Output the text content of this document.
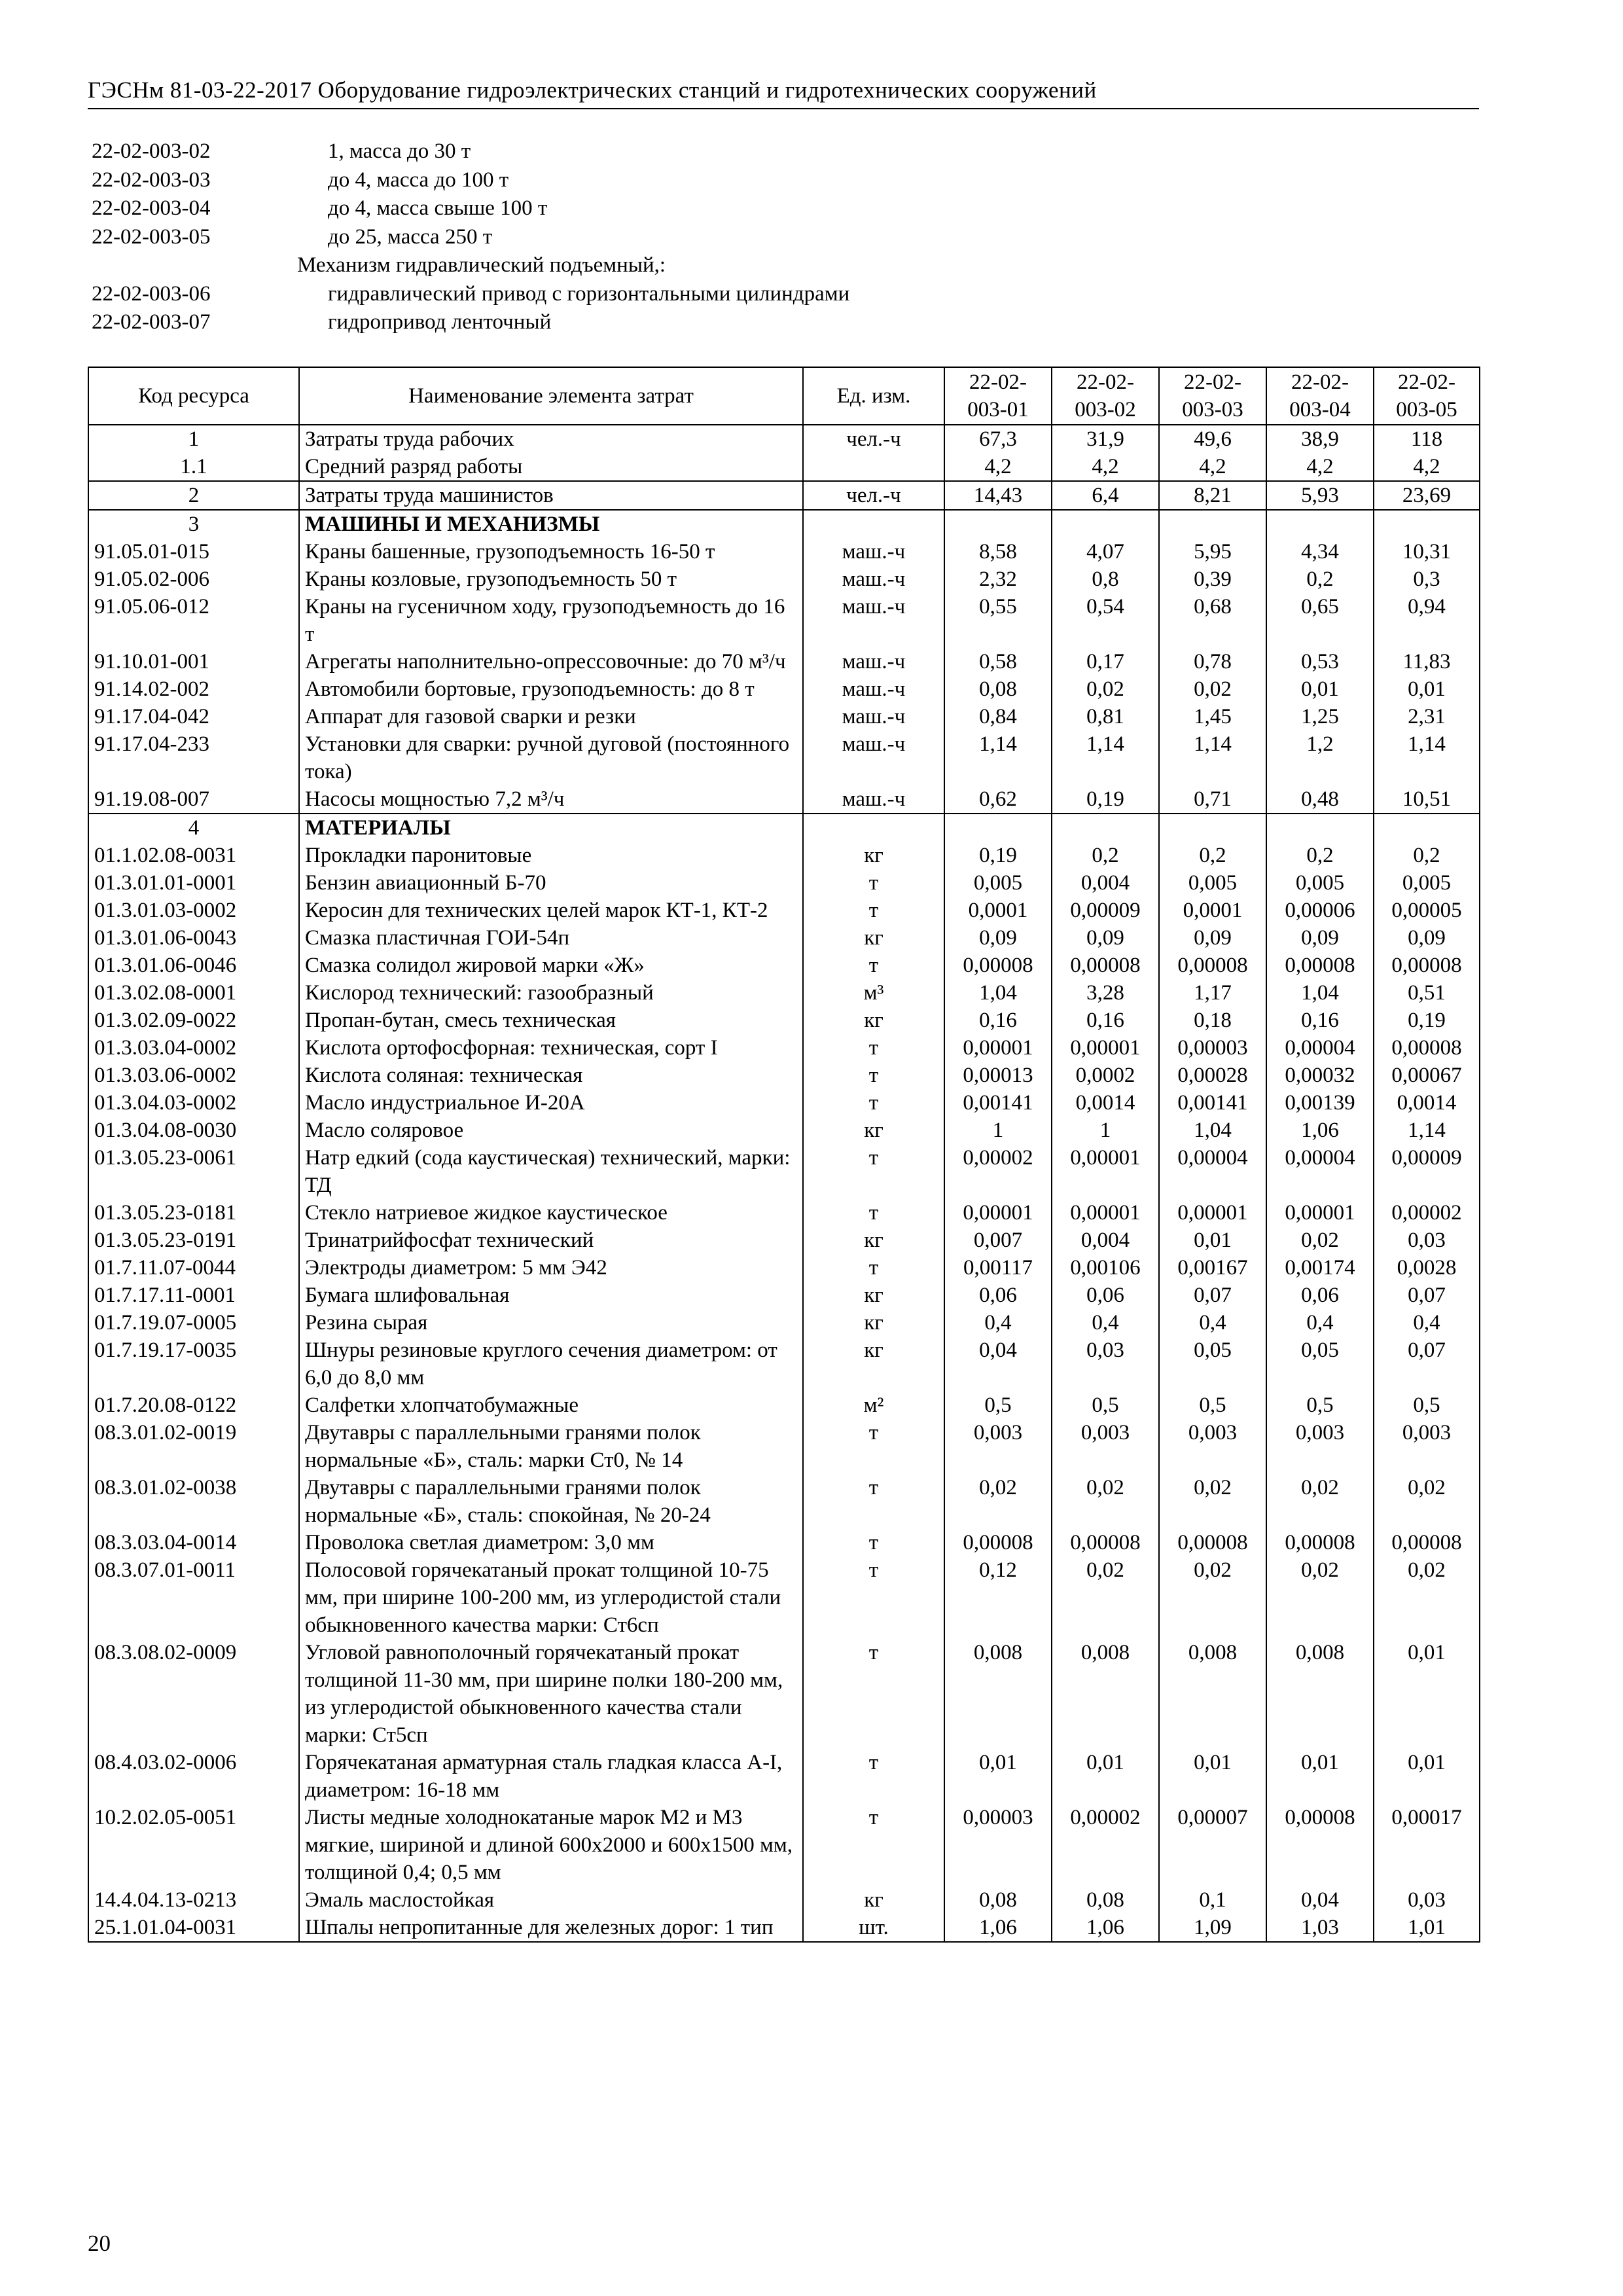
ГЭСНм 81-03-22-2017 Оборудование гидроэлектрических станций и гидротехнических сооружений
22-02-003-02	1, масса до 30 т
22-02-003-03	до 4, масса до 100 т
22-02-003-04	до 4, масса свыше 100 т
22-02-003-05	до 25, масса 250 т
Механизм гидравлический подъемный,:
22-02-003-06	гидравлический привод с горизонтальными цилиндрами
22-02-003-07	гидропривод ленточный
Код ресурса	Наименование элемента затрат	Ед. изм.	22-02-003-01	22-02-003-02	22-02-003-03	22-02-003-04	22-02-003-05
1	Затраты труда рабочих	чел.-ч	67,3	31,9	49,6	38,9	118
1.1	Средний разряд работы		4,2	4,2	4,2	4,2	4,2
2	Затраты труда машинистов	чел.-ч	14,43	6,4	8,21	5,93	23,69
3	МАШИНЫ И МЕХАНИЗМЫ						
91.05.01-015	Краны башенные, грузоподъемность 16-50 т	маш.-ч	8,58	4,07	5,95	4,34	10,31
91.05.02-006	Краны козловые, грузоподъемность 50 т	маш.-ч	2,32	0,8	0,39	0,2	0,3
91.05.06-012	Краны на гусеничном ходу, грузоподъемность до 16 т	маш.-ч	0,55	0,54	0,68	0,65	0,94
91.10.01-001	Агрегаты наполнительно-опрессовочные: до 70 м³/ч	маш.-ч	0,58	0,17	0,78	0,53	11,83
91.14.02-002	Автомобили бортовые, грузоподъемность: до 8 т	маш.-ч	0,08	0,02	0,02	0,01	0,01
91.17.04-042	Аппарат для газовой сварки и резки	маш.-ч	0,84	0,81	1,45	1,25	2,31
91.17.04-233	Установки для сварки: ручной дуговой (постоянного тока)	маш.-ч	1,14	1,14	1,14	1,2	1,14
91.19.08-007	Насосы мощностью 7,2 м³/ч	маш.-ч	0,62	0,19	0,71	0,48	10,51
4	МАТЕРИАЛЫ						
01.1.02.08-0031	Прокладки паронитовые	кг	0,19	0,2	0,2	0,2	0,2
01.3.01.01-0001	Бензин авиационный Б-70	т	0,005	0,004	0,005	0,005	0,005
01.3.01.03-0002	Керосин для технических целей марок КТ-1, КТ-2	т	0,0001	0,00009	0,0001	0,00006	0,00005
01.3.01.06-0043	Смазка пластичная ГОИ-54п	кг	0,09	0,09	0,09	0,09	0,09
01.3.01.06-0046	Смазка солидол жировой марки «Ж»	т	0,00008	0,00008	0,00008	0,00008	0,00008
01.3.02.08-0001	Кислород технический: газообразный	м³	1,04	3,28	1,17	1,04	0,51
01.3.02.09-0022	Пропан-бутан, смесь техническая	кг	0,16	0,16	0,18	0,16	0,19
01.3.03.04-0002	Кислота ортофосфорная: техническая, сорт I	т	0,00001	0,00001	0,00003	0,00004	0,00008
01.3.03.06-0002	Кислота соляная: техническая	т	0,00013	0,0002	0,00028	0,00032	0,00067
01.3.04.03-0002	Масло индустриальное И-20А	т	0,00141	0,0014	0,00141	0,00139	0,0014
01.3.04.08-0030	Масло соляровое	кг	1	1	1,04	1,06	1,14
01.3.05.23-0061	Натр едкий (сода каустическая) технический, марки: ТД	т	0,00002	0,00001	0,00004	0,00004	0,00009
01.3.05.23-0181	Стекло натриевое жидкое каустическое	т	0,00001	0,00001	0,00001	0,00001	0,00002
01.3.05.23-0191	Тринатрийфосфат технический	кг	0,007	0,004	0,01	0,02	0,03
01.7.11.07-0044	Электроды диаметром: 5 мм Э42	т	0,00117	0,00106	0,00167	0,00174	0,0028
01.7.17.11-0001	Бумага шлифовальная	кг	0,06	0,06	0,07	0,06	0,07
01.7.19.07-0005	Резина сырая	кг	0,4	0,4	0,4	0,4	0,4
01.7.19.17-0035	Шнуры резиновые круглого сечения диаметром: от 6,0 до 8,0 мм	кг	0,04	0,03	0,05	0,05	0,07
01.7.20.08-0122	Салфетки хлопчатобумажные	м²	0,5	0,5	0,5	0,5	0,5
08.3.01.02-0019	Двутавры с параллельными гранями полок нормальные «Б», сталь: марки Ст0, № 14	т	0,003	0,003	0,003	0,003	0,003
08.3.01.02-0038	Двутавры с параллельными гранями полок нормальные «Б», сталь: спокойная, № 20-24	т	0,02	0,02	0,02	0,02	0,02
08.3.03.04-0014	Проволока светлая диаметром: 3,0 мм	т	0,00008	0,00008	0,00008	0,00008	0,00008
08.3.07.01-0011	Полосовой горячекатаный прокат толщиной 10-75 мм, при ширине 100-200 мм, из углеродистой стали обыкновенного качества марки: Ст6сп	т	0,12	0,02	0,02	0,02	0,02
08.3.08.02-0009	Угловой равнополочный горячекатаный прокат толщиной 11-30 мм, при ширине полки 180-200 мм, из углеродистой обыкновенного качества стали марки: Ст5сп	т	0,008	0,008	0,008	0,008	0,01
08.4.03.02-0006	Горячекатаная арматурная сталь гладкая класса А-I, диаметром: 16-18 мм	т	0,01	0,01	0,01	0,01	0,01
10.2.02.05-0051	Листы медные холоднокатаные марок М2 и М3 мягкие, шириной и длиной 600х2000 и 600х1500 мм, толщиной 0,4; 0,5 мм	т	0,00003	0,00002	0,00007	0,00008	0,00017
14.4.04.13-0213	Эмаль маслостойкая	кг	0,08	0,08	0,1	0,04	0,03
25.1.01.04-0031	Шпалы непропитанные для железных дорог: 1 тип	шт.	1,06	1,06	1,09	1,03	1,01
20
